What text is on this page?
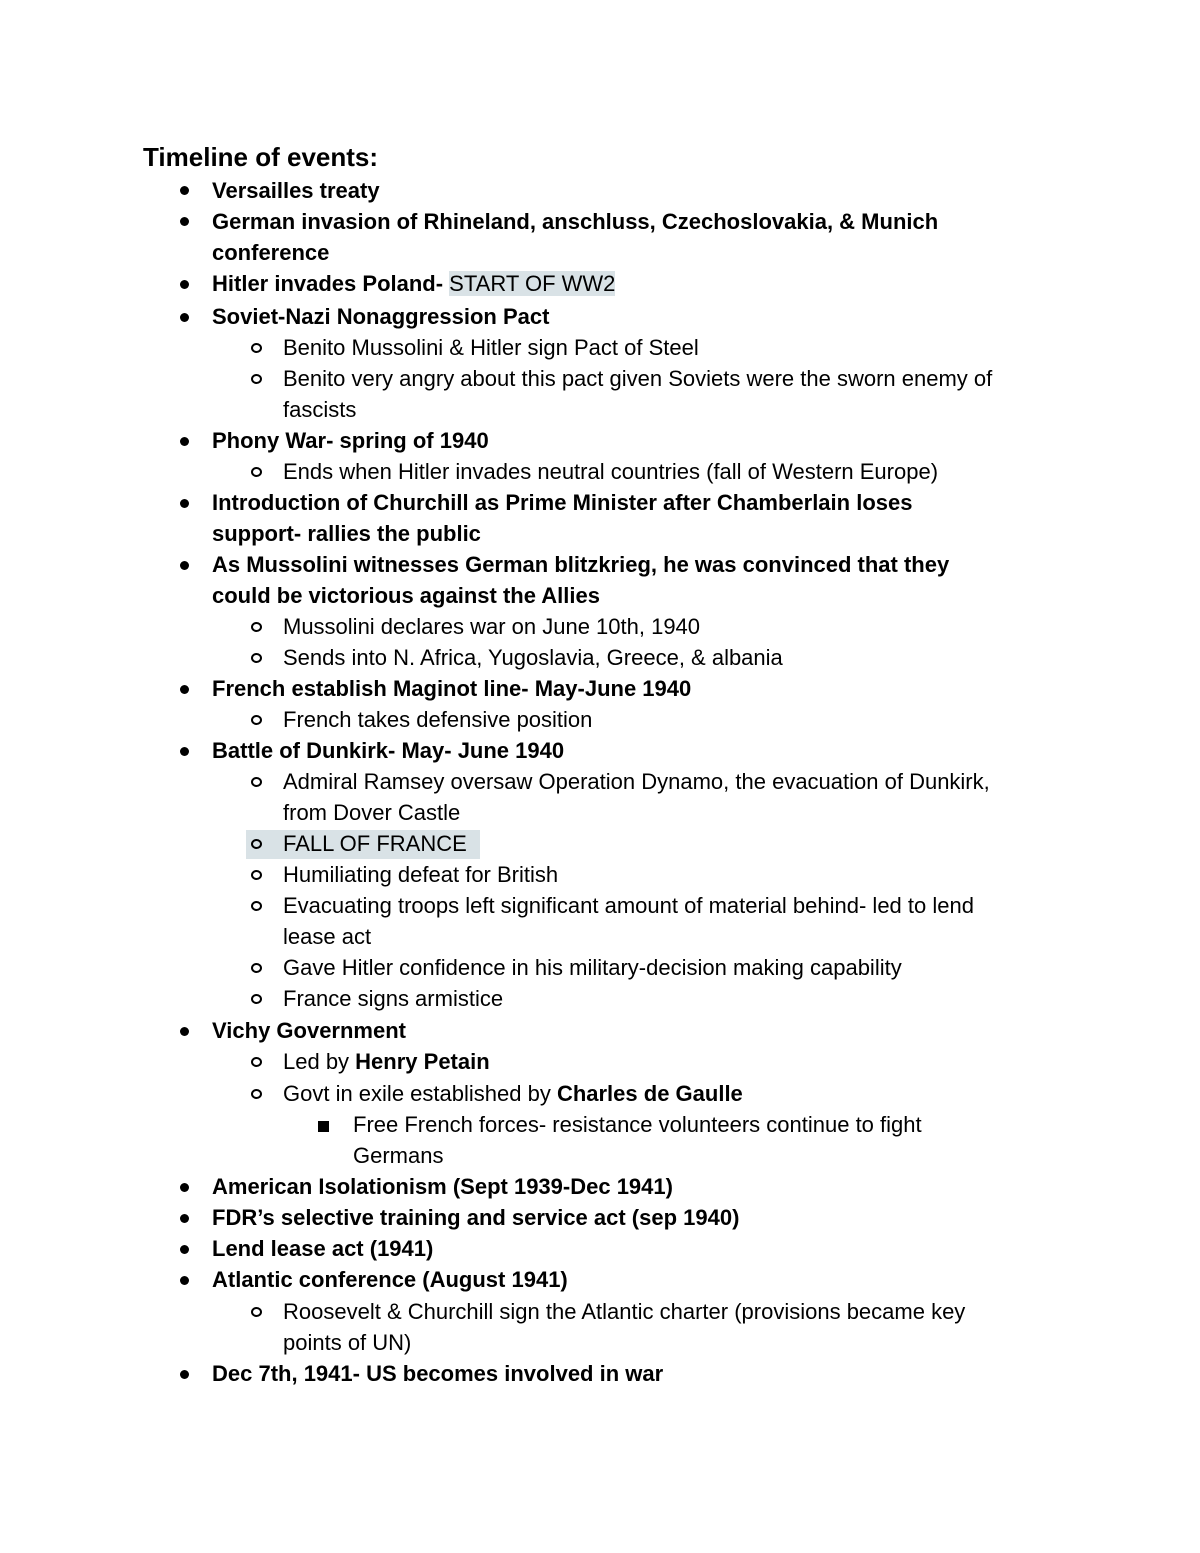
Timeline of events:
Versailles treaty
German invasion of Rhineland, anschluss, Czechoslovakia, & Munich
conference
Hitler invades Poland- START OF WW2
Soviet-Nazi Nonaggression Pact
Benito Mussolini & Hitler sign Pact of Steel
Benito very angry about this pact given Soviets were the sworn enemy of
fascists
Phony War- spring of 1940
Ends when Hitler invades neutral countries (fall of Western Europe)
Introduction of Churchill as Prime Minister after Chamberlain loses
support- rallies the public
As Mussolini witnesses German blitzkrieg, he was convinced that they
could be victorious against the Allies
Mussolini declares war on June 10th, 1940
Sends into N. Africa, Yugoslavia, Greece, & albania
French establish Maginot line- May-June 1940
French takes defensive position
Battle of Dunkirk- May- June 1940
Admiral Ramsey oversaw Operation Dynamo, the evacuation of Dunkirk,
from Dover Castle
FALL OF FRANCE
Humiliating defeat for British
Evacuating troops left significant amount of material behind- led to lend
lease act
Gave Hitler confidence in his military-decision making capability
France signs armistice
Vichy Government
Led by Henry Petain
Govt in exile established by Charles de Gaulle
Free French forces- resistance volunteers continue to fight
Germans
American Isolationism (Sept 1939-Dec 1941)
FDR’s selective training and service act (sep 1940)
Lend lease act (1941)
Atlantic conference (August 1941)
Roosevelt & Churchill sign the Atlantic charter (provisions became key
points of UN)
Dec 7th, 1941- US becomes involved in war
